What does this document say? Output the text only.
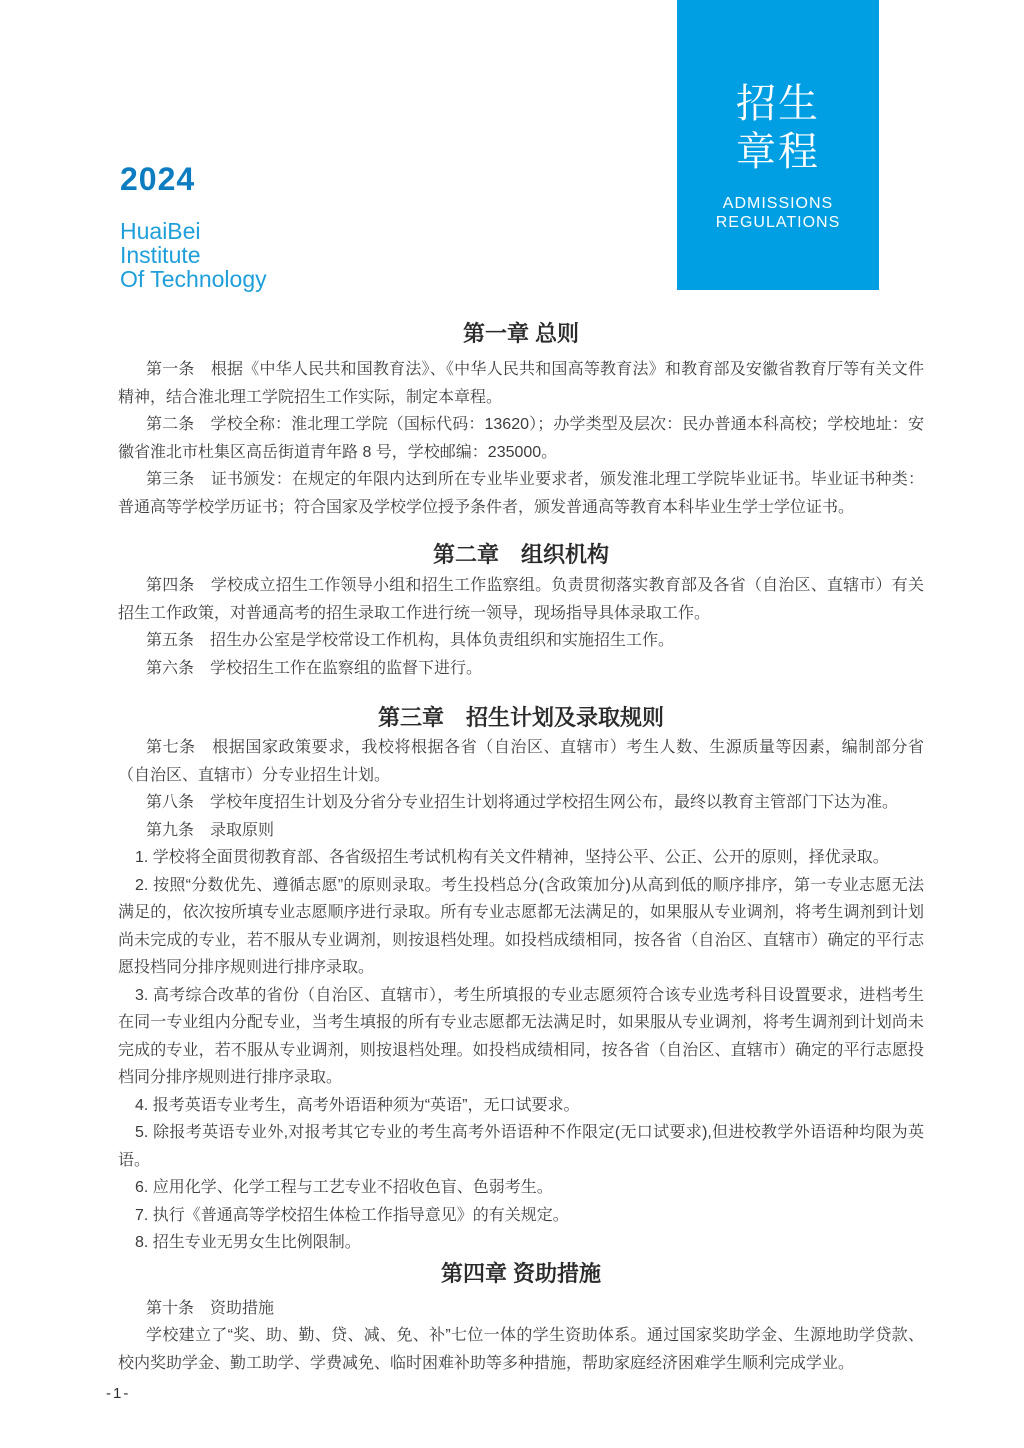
2024
HuaiBei
Institute
Of Technology
招生
章程
ADMISSIONS
REGULATIONS
第一章 总则

第一条　根据《中华人民共和国教育法》、《中华人民共和国高等教育法》和教育部及安徽省教育厅等有关文件精神，结合淮北理工学院招生工作实际，制定本章程。

第二条　学校全称：淮北理工学院（国标代码：13620）；办学类型及层次：民办普通本科高校；学校地址：安徽省淮北市杜集区高岳街道青年路 8 号，学校邮编：235000。

第三条　证书颁发：在规定的年限内达到所在专业毕业要求者，颁发淮北理工学院毕业证书。毕业证书种类：普通高等学校学历证书；符合国家及学校学位授予条件者，颁发普通高等教育本科毕业生学士学位证书。

第二章　组织机构

第四条　学校成立招生工作领导小组和招生工作监察组。负责贯彻落实教育部及各省（自治区、直辖市）有关招生工作政策，对普通高考的招生录取工作进行统一领导，现场指导具体录取工作。

第五条　招生办公室是学校常设工作机构，具体负责组织和实施招生工作。

第六条　学校招生工作在监察组的监督下进行。

第三章　招生计划及录取规则

第七条　根据国家政策要求，我校将根据各省（自治区、直辖市）考生人数、生源质量等因素，编制部分省（自治区、直辖市）分专业招生计划。

第八条　学校年度招生计划及分省分专业招生计划将通过学校招生网公布，最终以教育主管部门下达为准。

第九条　录取原则

1. 学校将全面贯彻教育部、各省级招生考试机构有关文件精神，坚持公平、公正、公开的原则，择优录取。

2. 按照“分数优先、遵循志愿”的原则录取。考生投档总分(含政策加分)从高到低的顺序排序，第一专业志愿无法满足的，依次按所填专业志愿顺序进行录取。所有专业志愿都无法满足的，如果服从专业调剂，将考生调剂到计划尚未完成的专业，若不服从专业调剂，则按退档处理。如投档成绩相同，按各省（自治区、直辖市）确定的平行志愿投档同分排序规则进行排序录取。

3. 高考综合改革的省份（自治区、直辖市），考生所填报的专业志愿须符合该专业选考科目设置要求，进档考生在同一专业组内分配专业，当考生填报的所有专业志愿都无法满足时，如果服从专业调剂，将考生调剂到计划尚未完成的专业，若不服从专业调剂，则按退档处理。如投档成绩相同，按各省（自治区、直辖市）确定的平行志愿投档同分排序规则进行排序录取。

4. 报考英语专业考生，高考外语语种须为“英语”，无口试要求。

5. 除报考英语专业外,对报考其它专业的考生高考外语语种不作限定(无口试要求),但进校教学外语语种均限为英语。

6. 应用化学、化学工程与工艺专业不招收色盲、色弱考生。

7. 执行《普通高等学校招生体检工作指导意见》的有关规定。

8. 招生专业无男女生比例限制。

第四章 资助措施

第十条　资助措施

学校建立了“奖、助、勤、贷、减、免、补”七位一体的学生资助体系。通过国家奖助学金、生源地助学贷款、校内奖助学金、勤工助学、学费减免、临时困难补助等多种措施，帮助家庭经济困难学生顺利完成学业。

-1-
